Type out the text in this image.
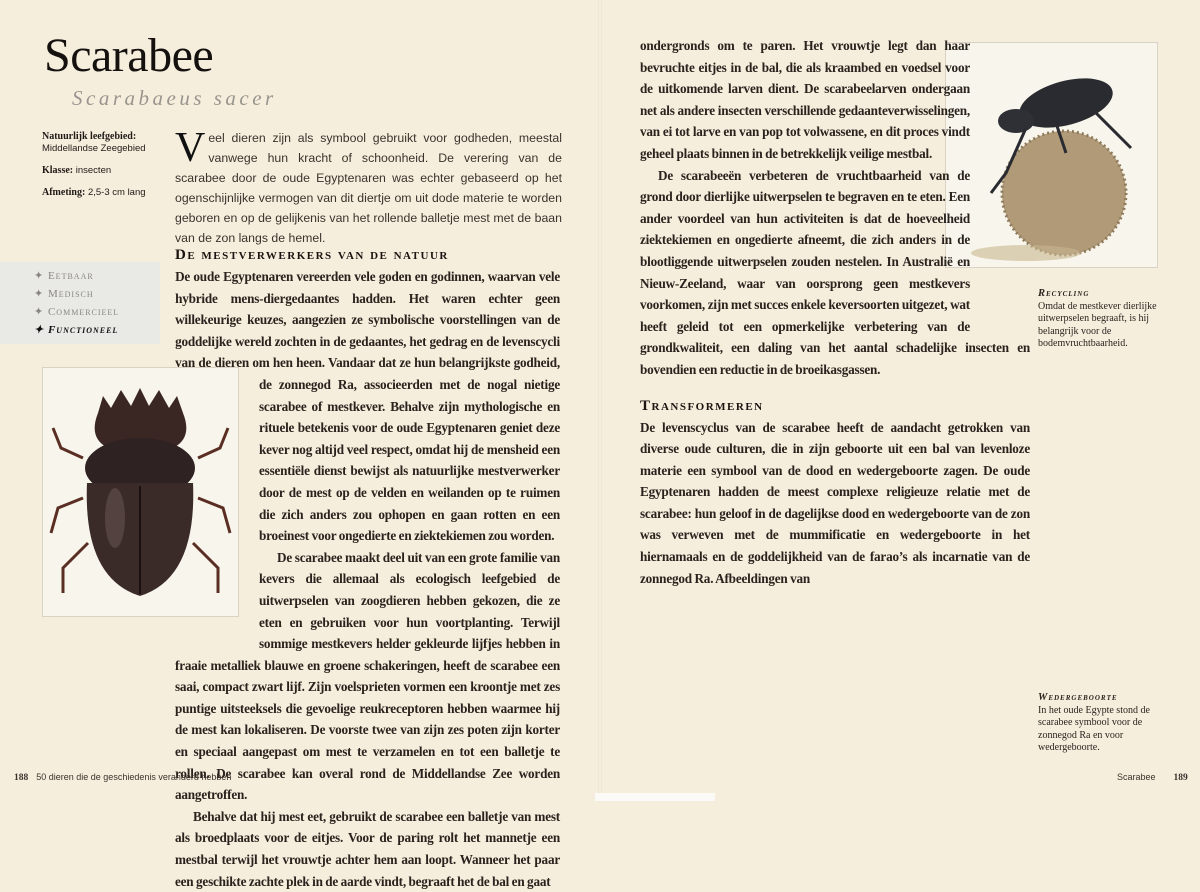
Scarabee
Scarabaeus sacer

Natuurlijk leefgebied:
Middellandse Zeegebied

Klasse: insecten

Afmeting: 2,5-3 cm lang

✦ Eetbaar
✦ Medisch
✦ Commercieel
✦ Functioneel
Veel dieren zijn als symbool gebruikt voor godheden, meestal vanwege hun kracht of schoonheid. De verering van de scarabee door de oude Egyptenaren was echter gebaseerd op het ogenschijnlijke vermogen van dit diertje om uit dode materie te worden geboren en op de gelijkenis van het rollende balletje mest met de baan van de zon langs de hemel.
De mestverwerkers van de natuur

De oude Egyptenaren vereerden vele goden en godinnen, waarvan vele hybride mens-diergedaantes hadden. Het waren echter geen willekeurige keuzes, aangezien ze symbolische voorstellingen van de goddelijke wereld zochten in de gedaantes, het gedrag en de levenscycli van de dieren om hen heen. Vandaar dat ze hun belangrijkste godheid, de zonnegod Ra, associeerden met de nogal nietige scarabee of mestkever. Behalve zijn mythologische en rituele betekenis voor de oude Egyptenaren geniet deze kever nog altijd veel respect, omdat hij de mensheid een essentiële dienst bewijst als natuurlijke mestverwerker door de mest op de velden en weilanden op te ruimen die zich anders zou ophopen en gaan rotten en een broeinest voor ongedierte en ziektekiemen zou worden.

De scarabee maakt deel uit van een grote familie van kevers die allemaal als ecologisch leefgebied de uitwerpselen van zoogdieren hebben gekozen, die ze eten en gebruiken voor hun voortplanting. Terwijl sommige mestkevers helder gekleurde lijfjes hebben in fraaie metalliek blauwe en groene schakeringen, heeft de scarabee een saai, compact zwart lijf. Zijn voelsprieten vormen een kroontje met zes puntige uitsteeksels die gevoelige reukreceptoren hebben waarmee hij de mest kan lokaliseren. De voorste twee van zijn zes poten zijn korter en speciaal aangepast om mest te verzamelen en tot een balletje te rollen. De scarabee kan overal rond de Middellandse Zee worden aangetroffen.

Behalve dat hij mest eet, gebruikt de scarabee een balletje van mest als broedplaats voor de eitjes. Voor de paring rolt het mannetje een mestbal terwijl het vrouwtje achter hem aan loopt. Wanneer het paar een geschikte zachte plek in de aarde vindt, begraaft het de bal en gaat

188 50 dieren die de geschiedenis veranderd hebben

ondergronds om te paren. Het vrouwtje legt dan haar bevruchte eitjes in de bal, die als kraambed en voedsel voor de uitkomende larven dient. De scarabeelarven ondergaan net als andere insecten verschillende gedaanteverwisselingen, van ei tot larve en van pop tot volwassene, en dit proces vindt geheel plaats binnen in de betrekkelijk veilige mestbal.

De scarabeeën verbeteren de vruchtbaarheid van de grond door dierlijke uitwerpselen te begraven en te eten. Een ander voordeel van hun activiteiten is dat de hoeveelheid ziektekiemen en ongedierte afneemt, die zich anders in de blootliggende uitwerpselen zouden nestelen. In Australië en Nieuw-Zeeland, waar van oorsprong geen mestkevers voorkomen, zijn met succes enkele keversoorten uitgezet, wat heeft geleid tot een opmerkelijke verbetering van de grondkwaliteit, een daling van het aantal schadelijke insecten en bovendien een reductie in de broeikasgassen.

Transformeren

De levenscyclus van de scarabee heeft de aandacht getrokken van diverse oude culturen, die in zijn geboorte uit een bal van levenloze materie een symbool van de dood en wedergeboorte zagen. De oude Egyptenaren hadden de meest complexe religieuze relatie met de scarabee: hun geloof in de dagelijkse dood en wedergeboorte van de zon was verweven met de mummificatie en wedergeboorte in het hiernamaals en de goddelijkheid van de farao’s als incarnatie van de zonnegod Ra. Afbeeldingen van

Recycling
Omdat de mestkever dierlijke uitwerpselen begraaft, is hij belangrijk voor de bodemvruchtbaarheid.
Wedergeboorte
In het oude Egypte stond de scarabee symbool voor de zonnegod Ra en voor wedergeboorte.
Scarabee 189
